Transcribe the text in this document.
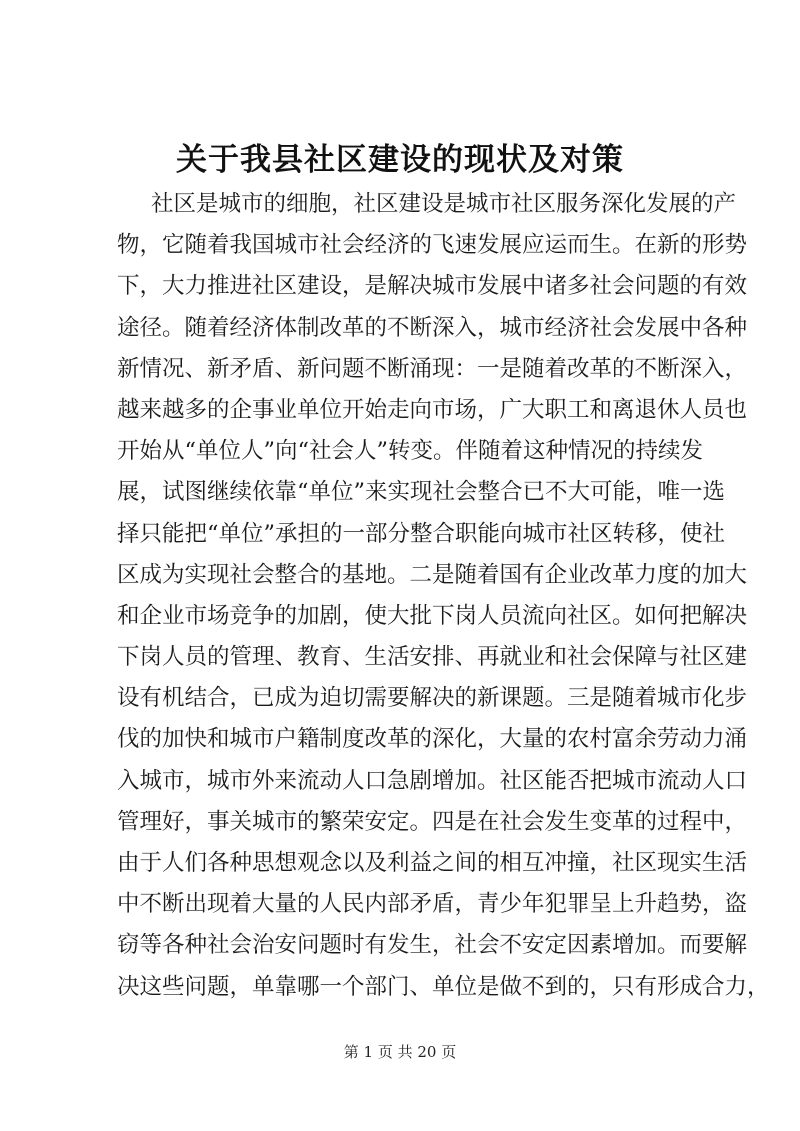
关于我县社区建设的现状及对策
社区是城市的细胞，社区建设是城市社区服务深化发展的产
物，它随着我国城市社会经济的飞速发展应运而生。在新的形势
下，大力推进社区建设，是解决城市发展中诸多社会问题的有效
途径。随着经济体制改革的不断深入，城市经济社会发展中各种
新情况、新矛盾、新问题不断涌现：一是随着改革的不断深入，
越来越多的企事业单位开始走向市场，广大职工和离退休人员也
开始从“单位人”向“社会人”转变。伴随着这种情况的持续发
展，试图继续依靠“单位”来实现社会整合已不大可能，唯一选
择只能把“单位”承担的一部分整合职能向城市社区转移，使社
区成为实现社会整合的基地。二是随着国有企业改革力度的加大
和企业市场竞争的加剧，使大批下岗人员流向社区。如何把解决
下岗人员的管理、教育、生活安排、再就业和社会保障与社区建
设有机结合，已成为迫切需要解决的新课题。三是随着城市化步
伐的加快和城市户籍制度改革的深化，大量的农村富余劳动力涌
入城市，城市外来流动人口急剧增加。社区能否把城市流动人口
管理好，事关城市的繁荣安定。四是在社会发生变革的过程中，
由于人们各种思想观念以及利益之间的相互冲撞，社区现实生活
中不断出现着大量的人民内部矛盾，青少年犯罪呈上升趋势，盗
窃等各种社会治安问题时有发生，社会不安定因素增加。而要解
决这些问题，单靠哪一个部门、单位是做不到的，只有形成合力，
第 1 页 共 20 页
